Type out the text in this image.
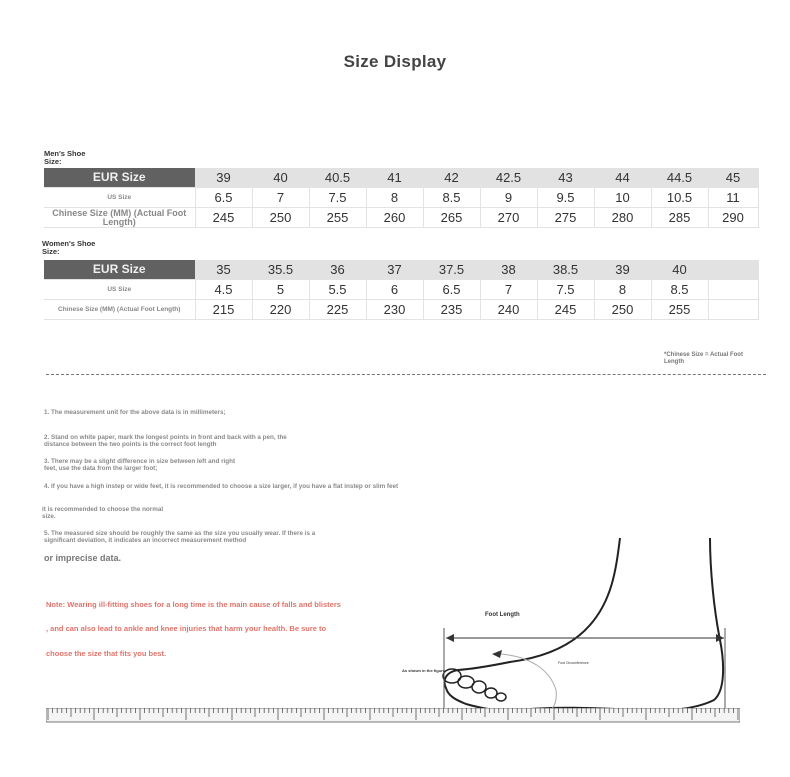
Size Display
Men's Shoe Size:
EUR Size	39	40	40.5	41	42	42.5	43	44	44.5	45
US Size	6.5	7	7.5	8	8.5	9	9.5	10	10.5	11
Chinese Size (MM) (Actual Foot Length)	245	250	255	260	265	270	275	280	285	290
Women's Shoe Size:
EUR Size	35	35.5	36	37	37.5	38	38.5	39	40	
US Size	4.5	5	5.5	6	6.5	7	7.5	8	8.5	
Chinese Size (MM) (Actual Foot Length)	215	220	225	230	235	240	245	250	255	
*Chinese Size = Actual Foot Length
1. The measurement unit for the above data is in millimeters;
2. Stand on white paper, mark the longest points in front and back with a pen, the distance between the two points is the correct foot length
3. There may be a slight difference in size between left and right feet, use the data from the larger foot;
4. If you have a high instep or wide feet, it is recommended to choose a size larger, if you have a flat instep or slim feet
it is recommended to choose the normal size.
5. The measured size should be roughly the same as the size you usually wear. If there is a significant deviation, it indicates an incorrect measurement method
or imprecise data.
Note: Wearing ill-fitting shoes for a long time is the main cause of falls and blisters
, and can also lead to ankle and knee injuries that harm your health. Be sure to
choose the size that fits you best.
Foot Length
Foot Circumference
As shown in the figure
